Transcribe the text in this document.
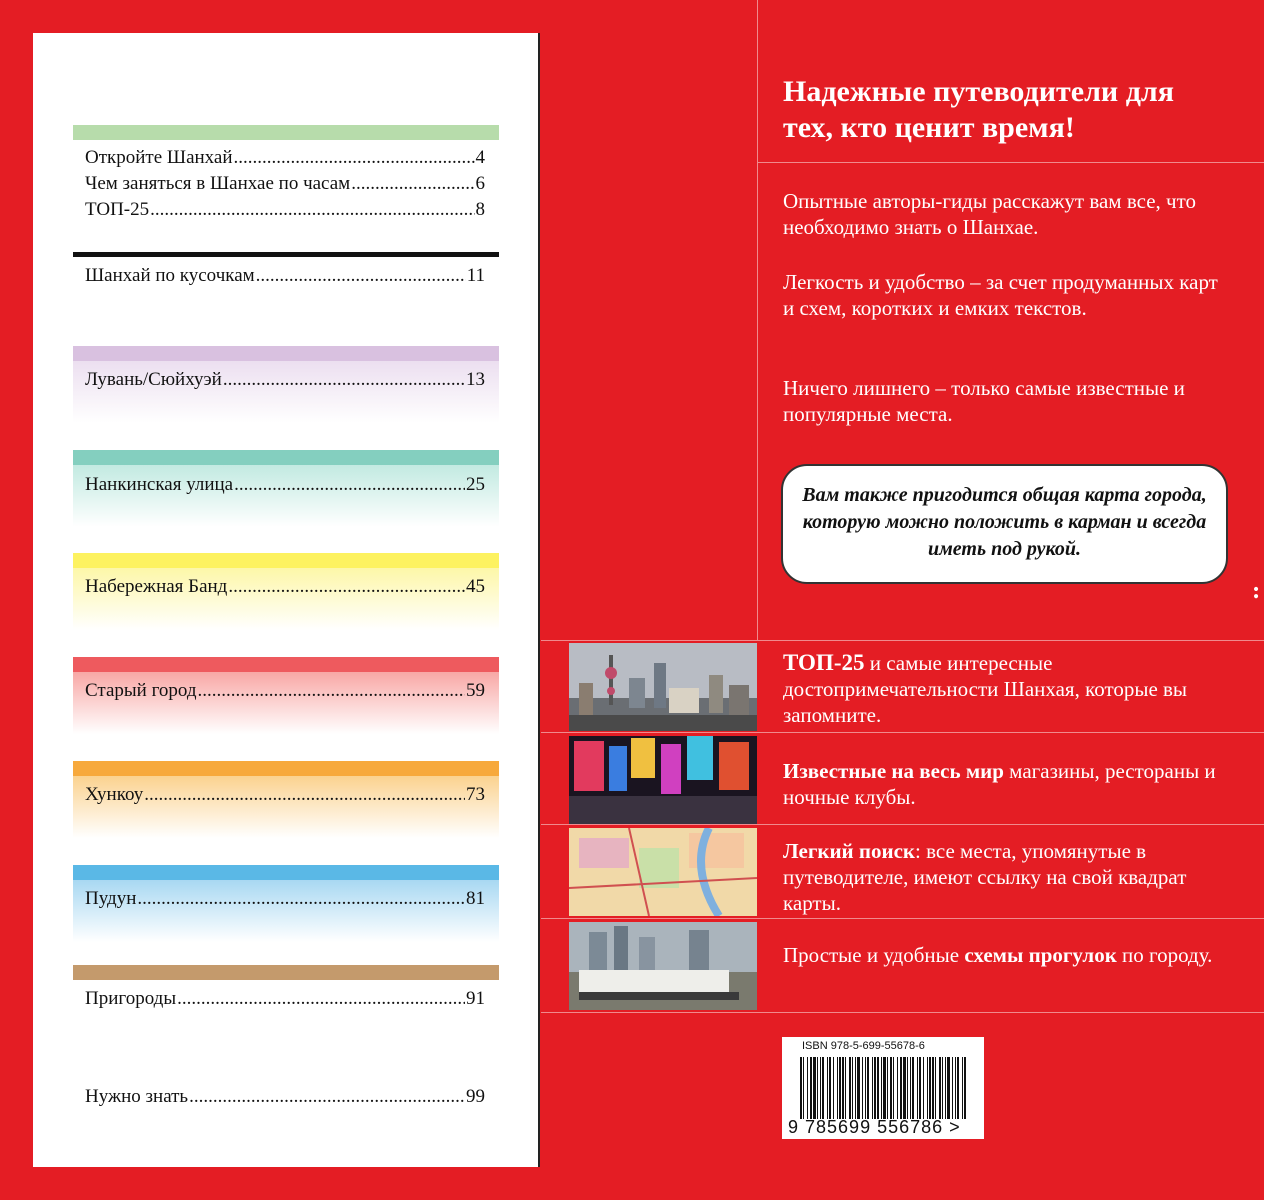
Откройте Шанхай .....	4
Чем заняться в Шанхае по часам .....	6
ТОП-25 .....	8
Шанхай по кусочкам .....	11
Лувань/Сюйхуэй .....	13
Нанкинская улица .....	25
Набережная Банд .....	45
Старый город .....	59
Хункоу .....	73
Пудун .....	81
Пригороды .....	91
Нужно знать .....	99
Надежные путеводители для тех, кто ценит время!
Опытные авторы-гиды расскажут вам все, что необходимо знать о Шанхае.
Легкость и удобство – за счет продуманных карт и схем, коротких и емких текстов.
Ничего лишнего – только самые известные и популярные места.
Вам также пригодится общая карта города, которую можно положить в карман и всегда иметь под рукой.
:
ТОП-25 и самые интересные достопримечательности Шанхая, которые вы запомните.
Известные на весь мир магазины, рестораны и ночные клубы.
Легкий поиск: все места, упомянутые в путеводителе, имеют ссылку на свой квадрат карты.
Простые и удобные схемы прогулок по городу.
ISBN 978-5-699-55678-6
9 785699 556786 >
